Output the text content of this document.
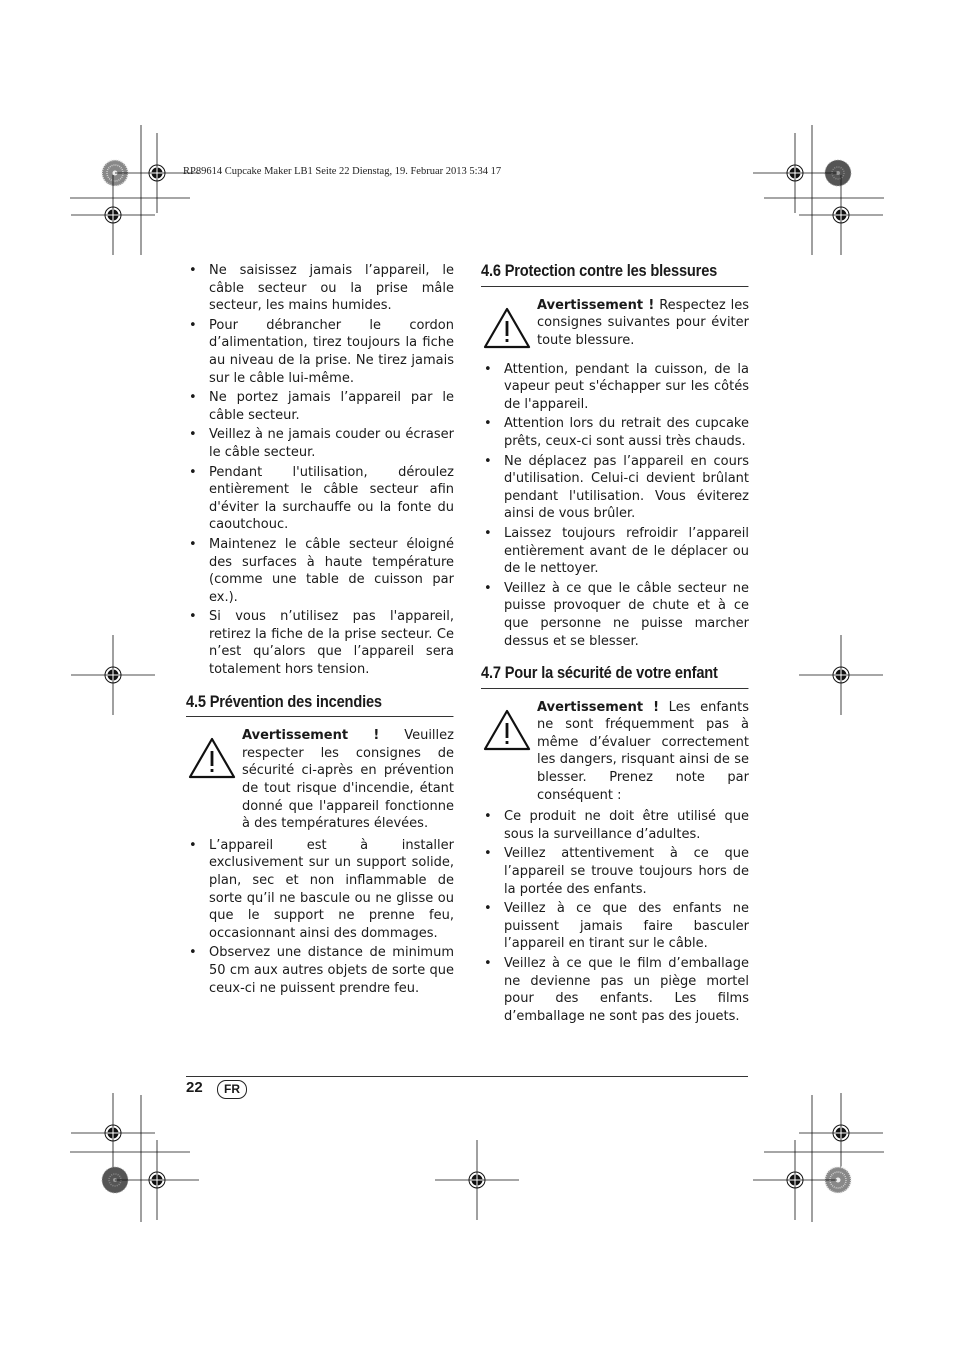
RP89614 Cupcake Maker LB1 Seite 22 Dienstag, 19. Februar 2013 5:34 17
• Ne saisissez jamais l’appareil, le câble secteur ou la prise mâle secteur, les mains humides.
• Pour débrancher le cordon d’alimentation, tirez toujours la fiche au niveau de la prise. Ne tirez jamais sur le câble lui-même.
• Ne portez jamais l’appareil par le câble secteur.
• Veillez à ne jamais couder ou écraser le câble secteur.
• Pendant l'utilisation, déroulez entièrement le câble secteur afin d'éviter la surchauffe ou la fonte du caoutchouc.
• Maintenez le câble secteur éloigné des surfaces à haute température (comme une table de cuisson par ex.).
• Si vous n’utilisez pas l'appareil, retirez la fiche de la prise secteur. Ce n’est qu’alors que l’appareil sera totalement hors tension.
4.5 Prévention des incendies
Avertissement ! Veuillez respecter les consignes de sécurité ci-après en prévention de tout risque d'incendie, étant donné que l'appareil fonctionne à des températures élevées.
• L’appareil est à installer exclusivement sur un support solide, plan, sec et non inflammable de sorte qu’il ne bascule ou ne glisse ou que le support ne prenne feu, occasionnant ainsi des dommages.
• Observez une distance de minimum 50 cm aux autres objets de sorte que ceux-ci ne puissent prendre feu.
4.6 Protection contre les blessures
Avertissement ! Respectez les consignes suivantes pour éviter toute blessure.
• Attention, pendant la cuisson, de la vapeur peut s'échapper sur les côtés de l'appareil.
• Attention lors du retrait des cupcake prêts, ceux-ci sont aussi très chauds.
• Ne déplacez pas l’appareil en cours d'utilisation. Celui-ci devient brûlant pendant l'utilisation. Vous éviterez ainsi de vous brûler.
• Laissez toujours refroidir l’appareil entièrement avant de le déplacer ou de le nettoyer.
• Veillez à ce que le câble secteur ne puisse provoquer de chute et à ce que personne ne puisse marcher dessus et se blesser.
4.7 Pour la sécurité de votre enfant
Avertissement ! Les enfants ne sont fréquemment pas à même d’évaluer correctement les dangers, risquant ainsi de se blesser. Prenez note par conséquent :
• Ce produit ne doit être utilisé que sous la surveillance d’adultes.
• Veillez attentivement à ce que l’appareil se trouve toujours hors de la portée des enfants.
• Veillez à ce que des enfants ne puissent jamais faire basculer l’appareil en tirant sur le câble.
• Veillez à ce que le film d’emballage ne devienne pas un piège mortel pour des enfants. Les films d’emballage ne sont pas des jouets.
22	FR
